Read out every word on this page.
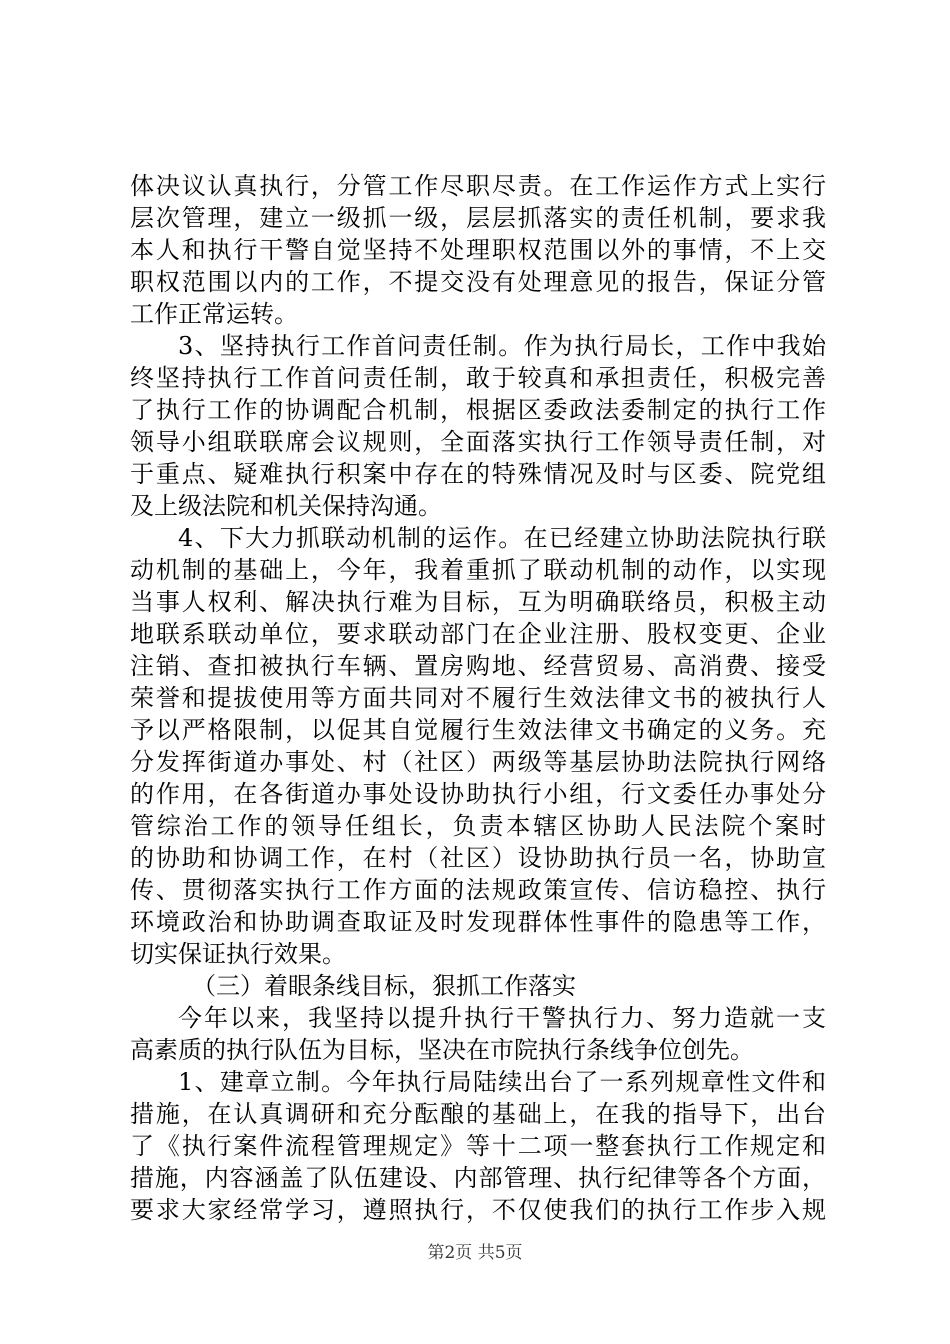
体决议认真执行，分管工作尽职尽责。在工作运作方式上实行
层次管理，建立一级抓一级，层层抓落实的责任机制，要求我
本人和执行干警自觉坚持不处理职权范围以外的事情，不上交
职权范围以内的工作，不提交没有处理意见的报告，保证分管
工作正常运转。
3、坚持执行工作首问责任制。作为执行局长，工作中我始
终坚持执行工作首问责任制，敢于较真和承担责任，积极完善
了执行工作的协调配合机制，根据区委政法委制定的执行工作
领导小组联联席会议规则，全面落实执行工作领导责任制，对
于重点、疑难执行积案中存在的特殊情况及时与区委、院党组
及上级法院和机关保持沟通。
4、下大力抓联动机制的运作。在已经建立协助法院执行联
动机制的基础上，今年，我着重抓了联动机制的动作，以实现
当事人权利、解决执行难为目标，互为明确联络员，积极主动
地联系联动单位，要求联动部门在企业注册、股权变更、企业
注销、查扣被执行车辆、置房购地、经营贸易、高消费、接受
荣誉和提拔使用等方面共同对不履行生效法律文书的被执行人
予以严格限制，以促其自觉履行生效法律文书确定的义务。充
分发挥街道办事处、村（社区）两级等基层协助法院执行网络
的作用，在各街道办事处设协助执行小组，行文委任办事处分
管综治工作的领导任组长，负责本辖区协助人民法院个案时
的协助和协调工作，在村（社区）设协助执行员一名，协助宣
传、贯彻落实执行工作方面的法规政策宣传、信访稳控、执行
环境政治和协助调查取证及时发现群体性事件的隐患等工作，
切实保证执行效果。
（三）着眼条线目标，狠抓工作落实
今年以来，我坚持以提升执行干警执行力、努力造就一支
高素质的执行队伍为目标，坚决在市院执行条线争位创先。
1、建章立制。今年执行局陆续出台了一系列规章性文件和
措施，在认真调研和充分酝酿的基础上，在我的指导下，出台
了《执行案件流程管理规定》等十二项一整套执行工作规定和
措施，内容涵盖了队伍建设、内部管理、执行纪律等各个方面，
要求大家经常学习，遵照执行，不仅使我们的执行工作步入规
第2页 共5页
